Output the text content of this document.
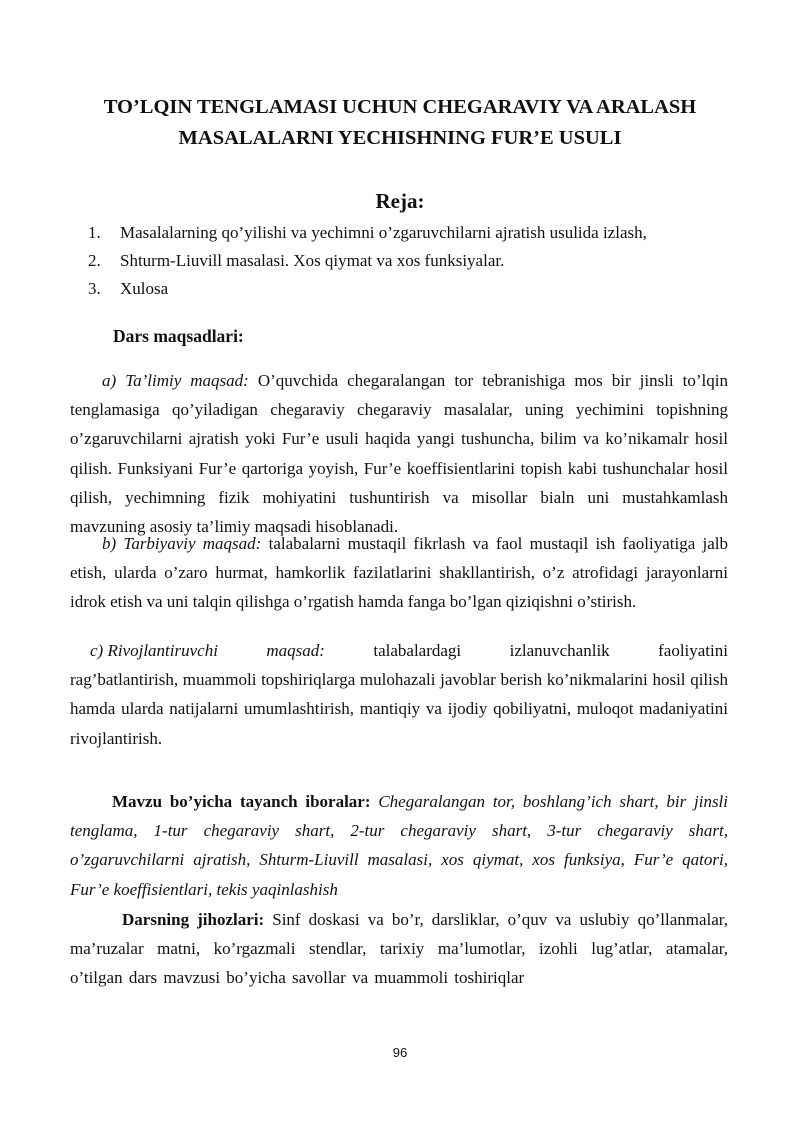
TO’LQIN TENGLAMASI UCHUN CHEGARAVIY VA ARALASH
MASALALARNI YECHISHNING FUR’E USULI
Reja:
1. Masalalarning qo’yilishi va yechimni o’zgaruvchilarni ajratish usulida izlash,
2. Shturm-Liuvill masalasi. Xos qiymat va xos funksiyalar.
3. Xulosa
Dars maqsadlari:

a) Ta’limiy maqsad: O’quvchida chegaralangan tor tebranishiga mos bir jinsli to’lqin tenglamasiga qo’yiladigan chegaraviy chegaraviy masalalar, uning yechimini topishning o’zgaruvchilarni ajratish yoki Fur’e usuli haqida yangi tushuncha, bilim va ko’nikamalr hosil qilish. Funksiyani Fur’e qartoriga yoyish, Fur’e koeffisientlarini topish kabi tushunchalar hosil qilish, yechimning fizik mohiyatini tushuntirish va misollar bialn uni mustahkamlash mavzuning asosiy ta’limiy maqsadi hisoblanadi.

b) Tarbiyaviy maqsad: talabalarni mustaqil fikrlash va faol mustaqil ish faoliyatiga jalb etish, ularda o’zaro hurmat, hamkorlik fazilatlarini shakllantirish, o’z atrofidagi jarayonlarni idrok etish va uni talqin qilishga o’rgatish hamda fanga bo’lgan qiziqishni o’stirish.

c) Rivojlantiruvchi	maqsad:	talabalardagi	izlanuvchanlik	faoliyatini
rag’batlantirish, muammoli topshiriqlarga mulohazali javoblar berish ko’nikmalarini hosil qilish hamda ularda natijalarni umumlashtirish, mantiqiy va ijodiy qobiliyatni, muloqot madaniyatini rivojlantirish.

Mavzu bo’yicha tayanch iboralar: Chegaralangan tor, boshlang’ich shart, bir jinsli tenglama, 1-tur chegaraviy shart, 2-tur chegaraviy shart, 3-tur chegaraviy shart, o’zgaruvchilarni ajratish, Shturm-Liuvill masalasi, xos qiymat, xos funksiya, Fur’e qatori, Fur’e koeffisientlari, tekis yaqinlashish

Darsning jihozlari: Sinf doskasi va bo’r, darsliklar, o’quv va uslubiy qo’llanmalar, ma’ruzalar matni, ko’rgazmali stendlar, tarixiy ma’lumotlar, izohli lug’atlar, atamalar, o’tilgan dars mavzusi bo’yicha savollar va muammoli toshiriqlar

96
